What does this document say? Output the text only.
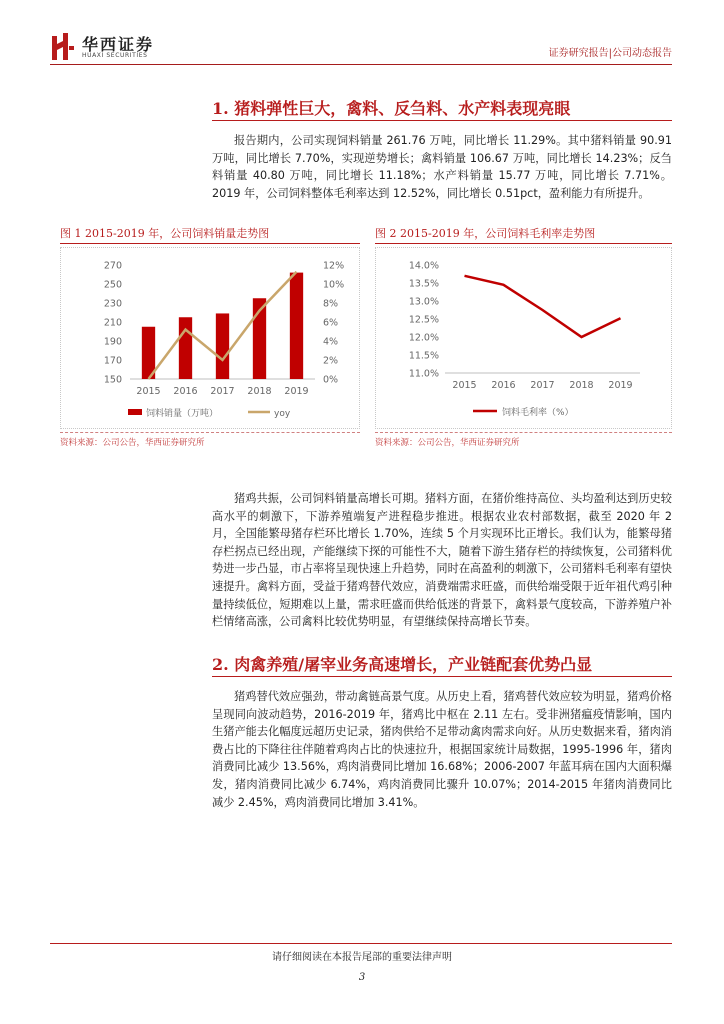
华西证券
HUAXI SECURITIES	证券研究报告|公司动态报告
1. 猪料弹性巨大，禽料、反刍料、水产料表现亮眼
报告期内，公司实现饲料销量 261.76 万吨，同比增长 11.29%。其中猪料销量 90.91 万吨，同比增长 7.70%，实现逆势增长；禽料销量 106.67 万吨，同比增长 14.23%；反刍料销量 40.80 万吨，同比增长 11.18%；水产料销量 15.77 万吨，同比增长 7.71%。2019 年，公司饲料整体毛利率达到 12.52%，同比增长 0.51pct，盈利能力有所提升。
图 1 2015-2019 年，公司饲料销量走势图
150
170
190
210
230
250
270
0%
2%
4%
6%
8%
10%
12%
2015 2016 2017 2018 2019
饲料销量（万吨）	yoy
资料来源：公司公告，华西证券研究所
图 2 2015-2019 年，公司饲料毛利率走势图
11.0%
11.5%
12.0%
12.5%
13.0%
13.5%
14.0%
2015 2016 2017 2018 2019
饲料毛利率（%）
资料来源：公司公告，华西证券研究所
猪鸡共振，公司饲料销量高增长可期。猪料方面，在猪价维持高位、头均盈利达到历史较高水平的刺激下，下游养殖端复产进程稳步推进。根据农业农村部数据，截至 2020 年 2 月，全国能繁母猪存栏环比增长 1.70%，连续 5 个月实现环比正增长。我们认为，能繁母猪存栏拐点已经出现，产能继续下探的可能性不大，随着下游生猪存栏的持续恢复，公司猪料优势进一步凸显，市占率将呈现快速上升趋势，同时在高盈利的刺激下，公司猪料毛利率有望快速提升。禽料方面，受益于猪鸡替代效应，消费端需求旺盛，而供给端受限于近年祖代鸡引种量持续低位，短期难以上量，需求旺盛而供给低迷的背景下，禽料景气度较高，下游养殖户补栏情绪高涨，公司禽料比较优势明显，有望继续保持高增长节奏。
2. 肉禽养殖/屠宰业务高速增长，产业链配套优势凸显
猪鸡替代效应强劲，带动禽链高景气度。从历史上看，猪鸡替代效应较为明显，猪鸡价格呈现同向波动趋势，2016-2019 年，猪鸡比中枢在 2.11 左右。受非洲猪瘟疫情影响，国内生猪产能去化幅度远超历史记录，猪肉供给不足带动禽肉需求向好。从历史数据来看，猪肉消费占比的下降往往伴随着鸡肉占比的快速拉升，根据国家统计局数据，1995-1996 年，猪肉消费同比减少 13.56%，鸡肉消费同比增加 16.68%；2006-2007 年蓝耳病在国内大面积爆发，猪肉消费同比减少 6.74%，鸡肉消费同比骤升 10.07%；2014-2015 年猪肉消费同比减少 2.45%，鸡肉消费同比增加 3.41%。
请仔细阅读在本报告尾部的重要法律声明
3
